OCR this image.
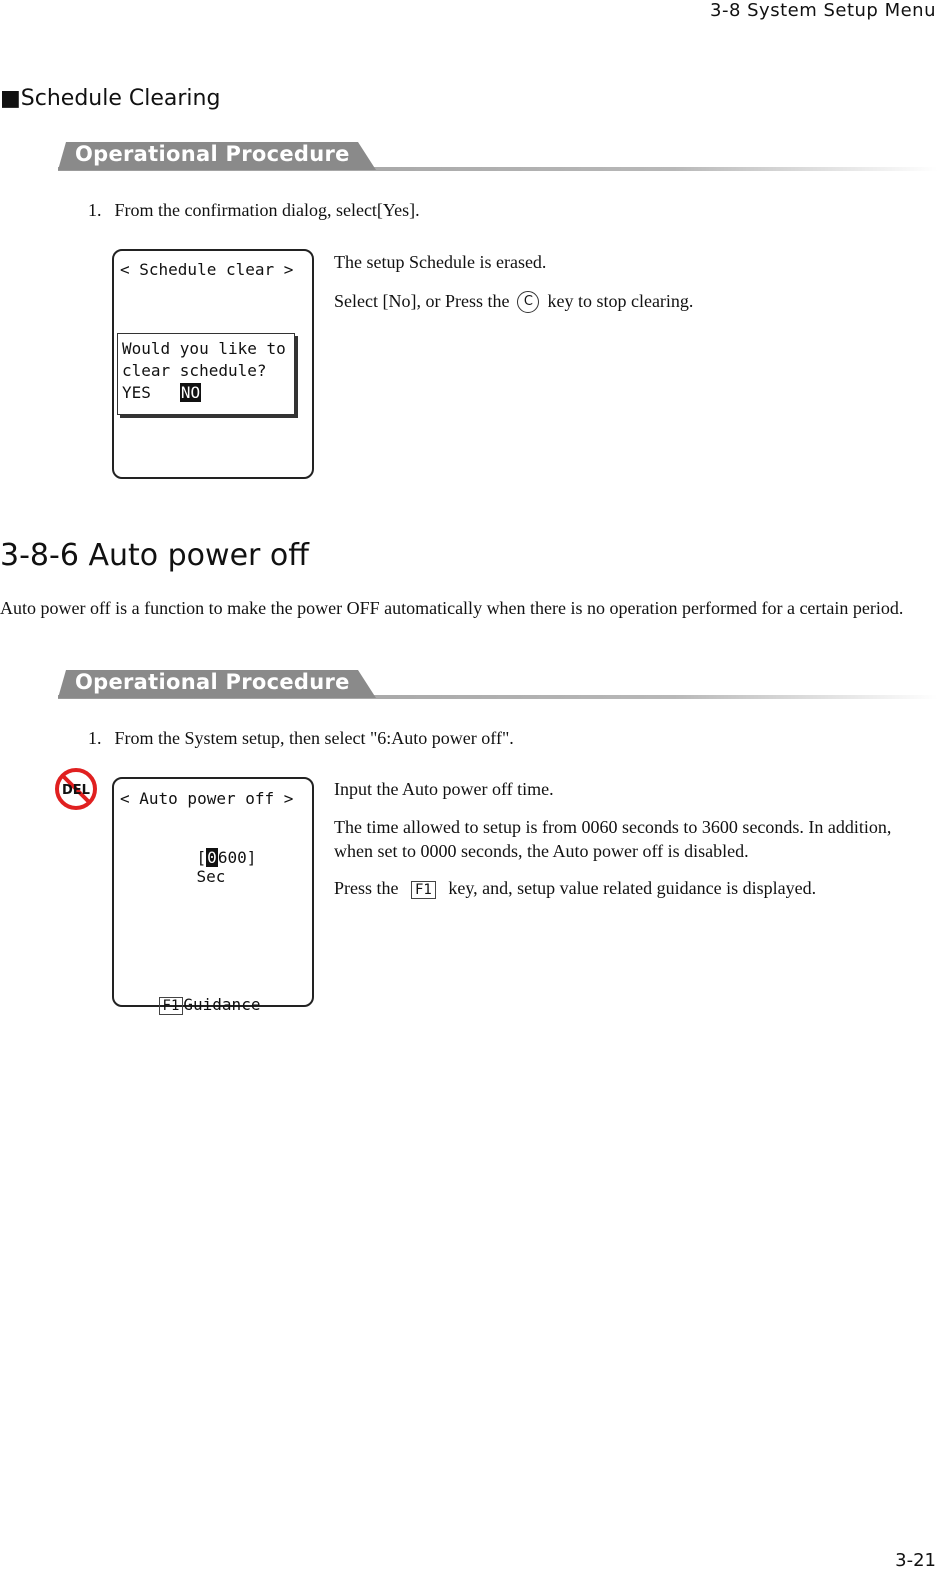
3-8 System Setup Menu
■Schedule Clearing
Operational Procedure
1. From the confirmation dialog, select[Yes].
< Schedule clear >
Would you like to
clear schedule?
YES NO
The setup Schedule is erased.
Select [No], or Press the C key to stop clearing.
3-8-6 Auto power off
Auto power off is a function to make the power OFF automatically when there is no operation performed for a certain period.
Operational Procedure
1. From the System setup, then select "6:Auto power off".
DEL < Auto power off >

[0600]
Sec

F1 Guidance

Input the Auto power off time.
The time allowed to setup is from 0060 seconds to 3600 seconds. In addition, when set to 0000 seconds, the Auto power off is disabled.
Press the F1 key, and, setup value related guidance is displayed.
3-21
